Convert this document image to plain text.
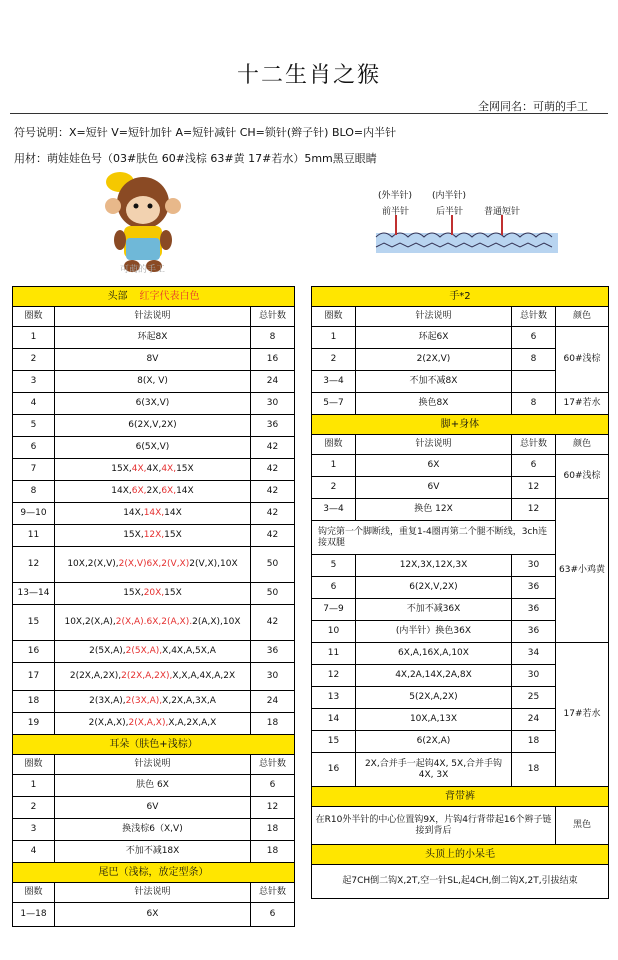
十二生肖之猴
全网同名：可萌的手工
符号说明：X=短针 V=短针加针 A=短针减针 CH=锁针(辫子针) BLO=内半针
用材：萌娃娃色号（03#肤色 60#浅棕 63#黄 17#若水）5mm黑豆眼睛
可萌的手工
(外半针) (内半针)
前半针	后半针 普通短针
头部 红字代表白色		
圈数	针法说明	总针数
1	环起8X	8
2	8V	16
3	8(X, V)	24
4	6(3X,V)	30
5	6(2X,V,2X)	36
6	6(5X,V)	42
7	15X,4X,4X,4X,15X	42
8	14X,6X,2X,6X,14X	42
9—10	14X,14X,14X	42
11	15X,12X,15X	42
12	10X,2(X,V),2(X,V)6X,2(V,X)2(V,X),10X	50
13—14	15X,20X,15X	50
15	10X,2(X,A),2(X,A).6X,2(A,X).2(A,X),10X	42
16	2(5X,A),2(5X,A),X,4X,A,5X,A	36
17	2(2X,A,2X),2(2X,A,2X),X,X,A,4X,A,2X	30
18	2(3X,A),2(3X,A),X,2X,A,3X,A	24
19	2(X,A,X),2(X,A,X),X,A,2X,A,X	18
耳朵（肤色+浅棕）		
圈数	针法说明	总针数
1	肤色 6X	6
2	6V	12
3	换浅棕6（X,V)	18
4	不加不减18X	18
尾巴（浅棕，放定型条）		
圈数	针法说明	总针数
1—18	6X	6
手*2			
圈数	针法说明	总针数	颜色
1	环起6X	6	60#浅棕
2	2(2X,V)	8	
3—4	不加不减8X		
5—7	换色8X	8	17#若水
脚+身体			
圈数	针法说明	总针数	颜色
1	6X	6	60#浅棕
2	6V	12	
3—4	换色 12X	12	63#小鸡黄
钩完第一个脚断线，重复1-4圈再第二个腿不断线，3ch连接双腿			
5	12X,3X,12X,3X	30	
6	6(2X,V,2X)	36	
7—9	不加不减36X	36	
10	(内半针）换色36X	36	
11	6X,A,16X,A,10X	34	17#若水
12	4X,2A,14X,2A,8X	30	
13	5(2X,A,2X)	25	
14	10X,A,13X	24	
15	6(2X,A)	18	
16	2X,合并手一起钩4X, 5X,合并手钩4X, 3X	18	
背带裤			
在R10外半针的中心位置钩9X，片钩4行背带起16个辫子链接到背后			黑色
头顶上的小呆毛			
起7CH倒二钩X,2T,空一针SL,起4CH,倒二钩X,2T,引拔结束			
